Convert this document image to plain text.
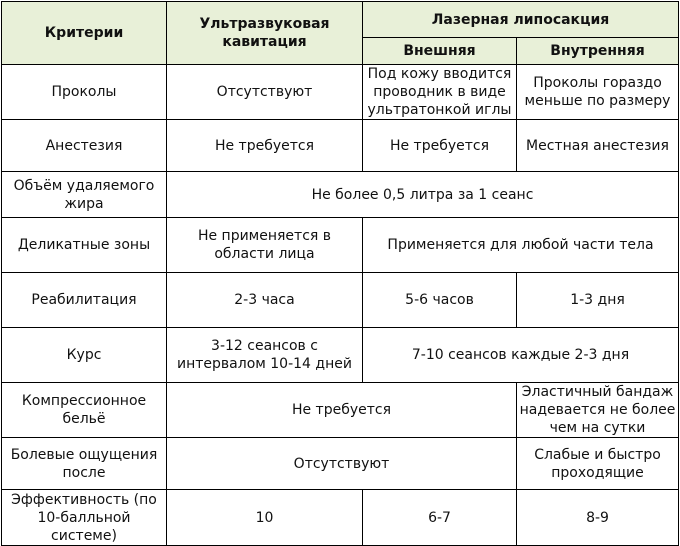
Критерии	Ультразвуковая кавитация	Лазерная липосакция	
		Внешняя	Внутренняя
Проколы	Отсутствуют	Под кожу вводится проводник в виде ультратонкой иглы	Проколы гораздо меньше по размеру
Анестезия	Не требуется	Не требуется	Местная анестезия
Объём удаляемого жира	Не более 0,5 литра за 1 сеанс		
Деликатные зоны	Не применяется в области лица	Применяется для любой части тела	
Реабилитация	2-3 часа	5-6 часов	1-3 дня
Курс	3-12 сеансов с интервалом 10-14 дней	7-10 сеансов каждые 2-3 дня	
Компрессионное бельё	Не требуется		Эластичный бандаж надевается не более чем на сутки
Болевые ощущения после	Отсутствуют		Слабые и быстро проходящие
Эффективность (по 10-балльной системе)	10	6-7	8-9
